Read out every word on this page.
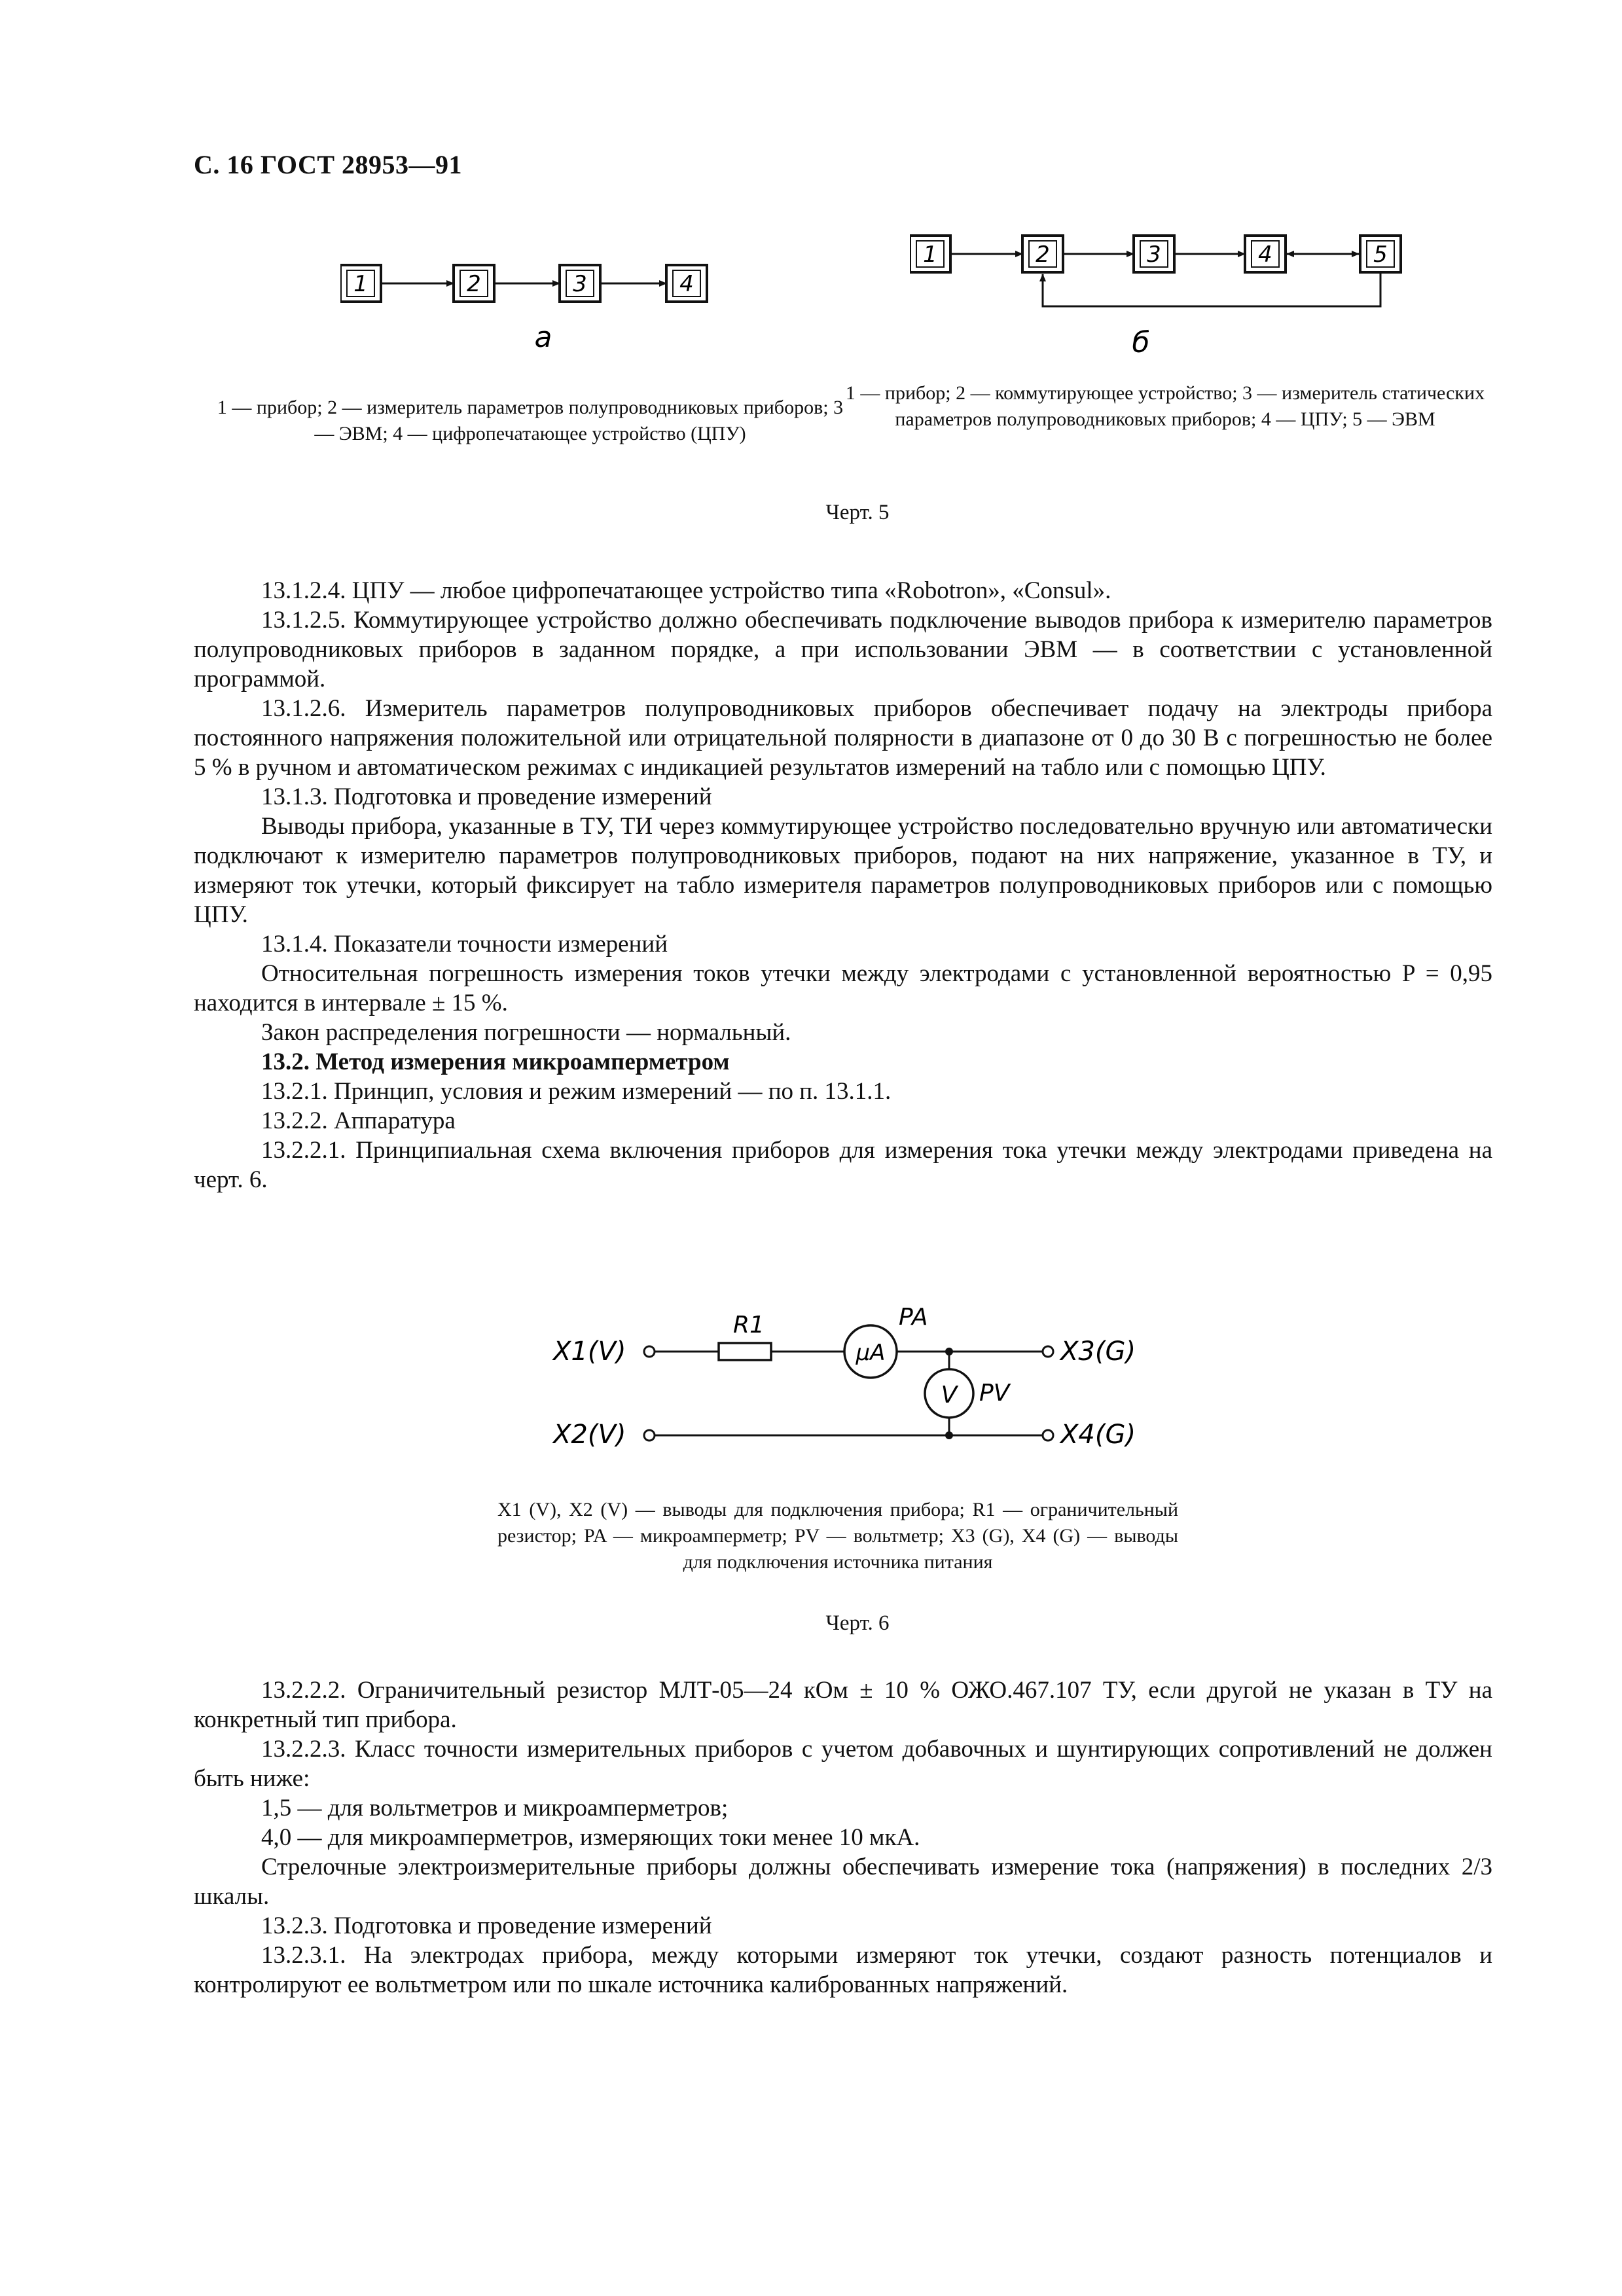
С. 16 ГОСТ 28953—91
1	2	3	4
а
1	2	3	4	5
б
1 — прибор; 2 — измеритель параметров полупроводниковых приборов; 3 — ЭВМ; 4 — цифропечатающее устройство (ЦПУ)
1 — прибор; 2 — коммутирующее устройство; 3 — измеритель статических параметров полупроводниковых приборов; 4 — ЦПУ; 5 — ЭВМ
Черт. 5

13.1.2.4. ЦПУ — любое цифропечатающее устройство типа «Robotron», «Consul».

13.1.2.5. Коммутирующее устройство должно обеспечивать подключение выводов прибора к измерителю параметров полупроводниковых приборов в заданном порядке, а при использовании ЭВМ — в соответствии с установленной программой.

13.1.2.6. Измеритель параметров полупроводниковых приборов обеспечивает подачу на электроды прибора постоянного напряжения положительной или отрицательной полярности в диапазоне от 0 до 30 В с погрешностью не более 5 % в ручном и автоматическом режимах с индикацией результатов измерений на табло или с помощью ЦПУ.

13.1.3. Подготовка и проведение измерений

Выводы прибора, указанные в ТУ, ТИ через коммутирующее устройство последовательно вручную или автоматически подключают к измерителю параметров полупроводниковых приборов, подают на них напряжение, указанное в ТУ, и измеряют ток утечки, который фиксирует на табло измерителя параметров полупроводниковых приборов или с помощью ЦПУ.

13.1.4. Показатели точности измерений

Относительная погрешность измерения токов утечки между электродами с установленной вероятностью P = 0,95 находится в интервале ± 15 %.

Закон распределения погрешности — нормальный.

13.2. Метод измерения микроамперметром

13.2.1. Принцип, условия и режим измерений — по п. 13.1.1.

13.2.2. Аппаратура

13.2.2.1. Принципиальная схема включения приборов для измерения тока утечки между электродами приведена на черт. 6.

X1(V)
X2(V)
X3(G)
X4(G)
R1
μA
PA
V PV
X1 (V), X2 (V) — выводы для подключения прибора; R1 — ограничительный резистор; PA — микроамперметр; PV — вольтметр; X3 (G), X4 (G) — выводы для подключения источника питания
Черт. 6

13.2.2.2. Ограничительный резистор МЛТ-05—24 кОм ± 10 % ОЖО.467.107 ТУ, если другой не указан в ТУ на конкретный тип прибора.

13.2.2.3. Класс точности измерительных приборов с учетом добавочных и шунтирующих сопротивлений не должен быть ниже:

1,5 — для вольтметров и микроамперметров;

4,0 — для микроамперметров, измеряющих токи менее 10 мкА.

Стрелочные электроизмерительные приборы должны обеспечивать измерение тока (напряжения) в последних 2/3 шкалы.

13.2.3. Подготовка и проведение измерений

13.2.3.1. На электродах прибора, между которыми измеряют ток утечки, создают разность потенциалов и контролируют ее вольтметром или по шкале источника калиброванных напряжений.
